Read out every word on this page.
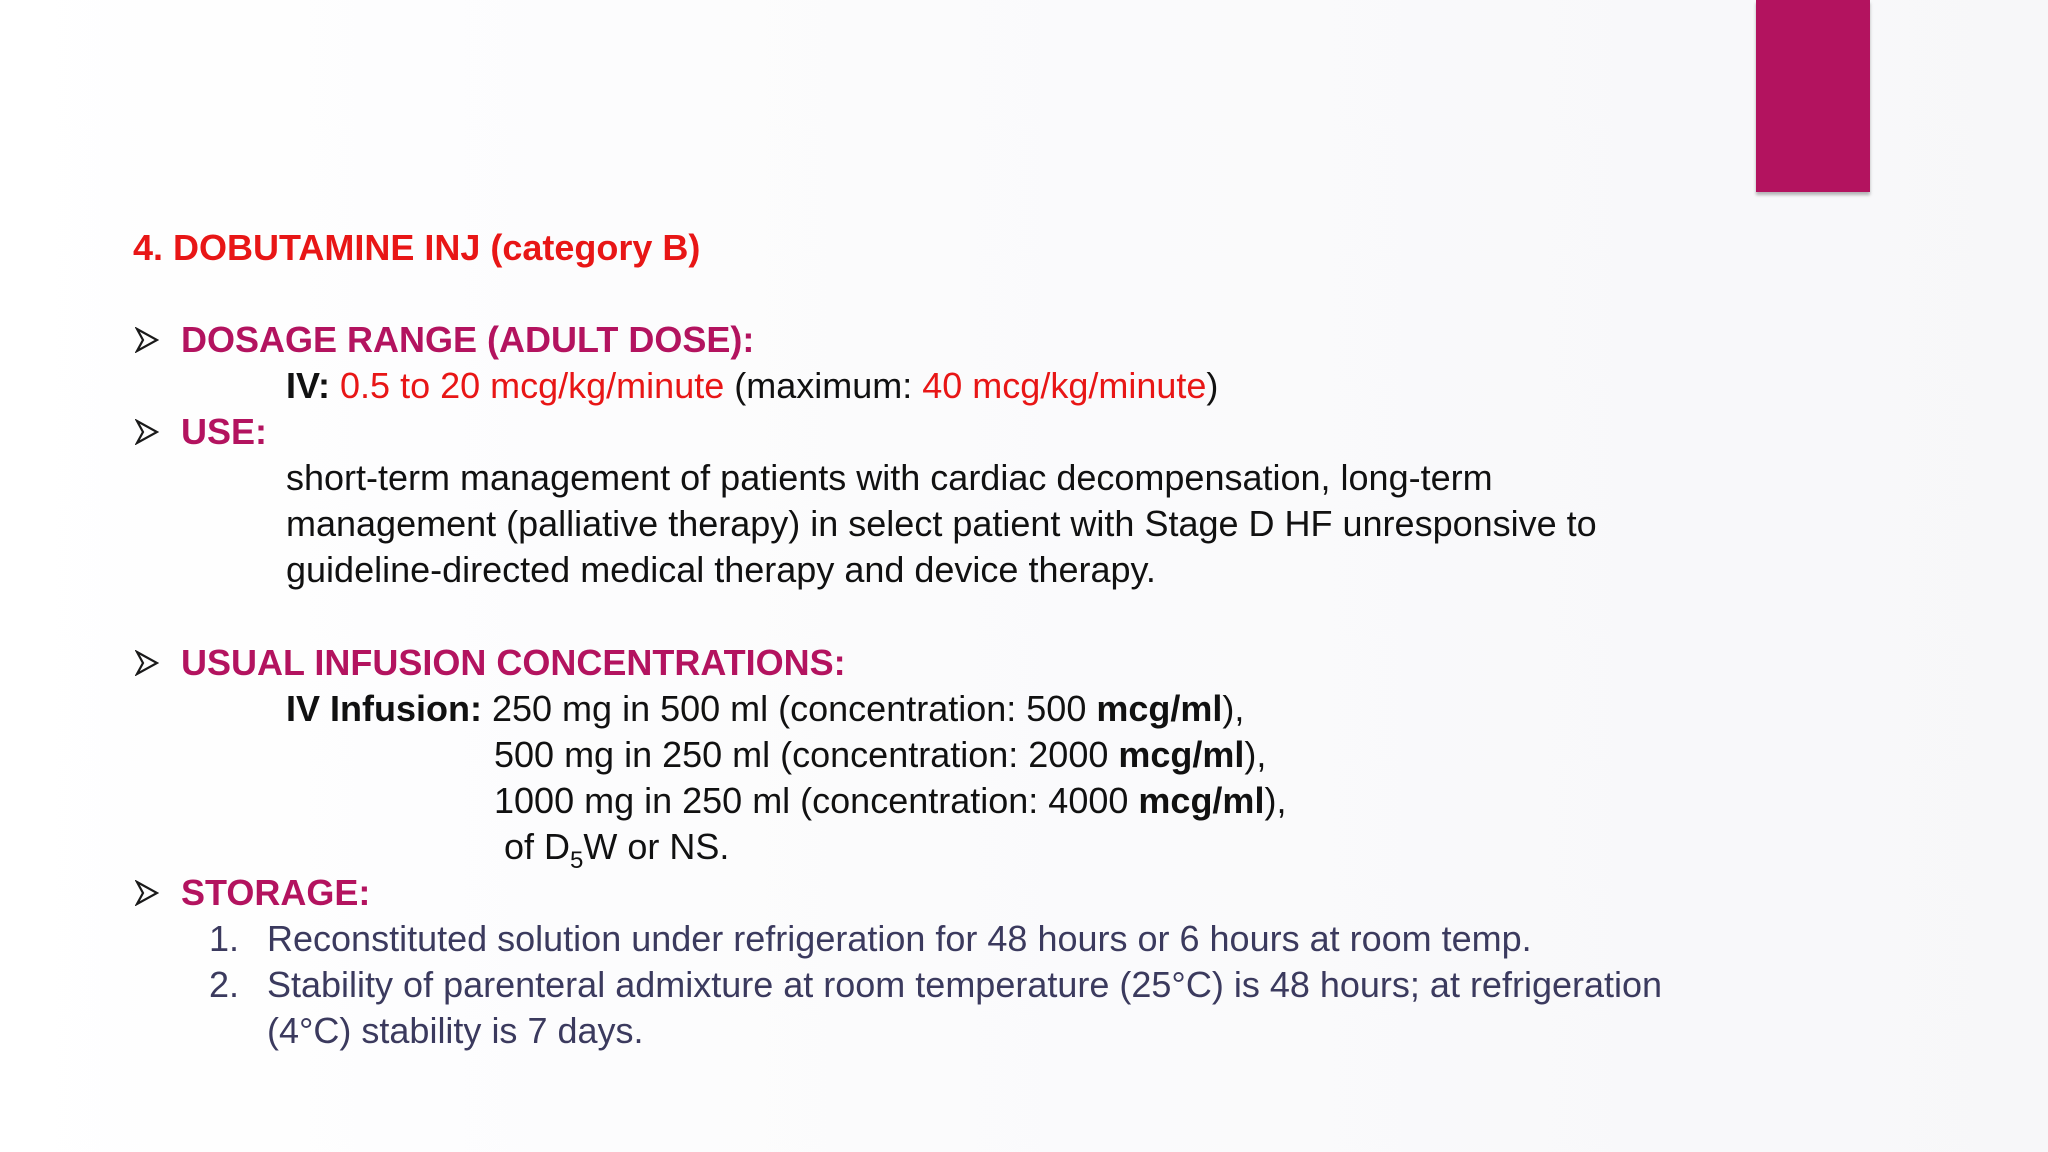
4. DOBUTAMINE INJ (category B)
DOSAGE RANGE (ADULT DOSE):
IV: 0.5 to 20 mcg/kg/minute (maximum: 40 mcg/kg/minute)
USE:
short-term management of patients with cardiac decompensation, long-term
management (palliative therapy) in select patient with Stage D HF unresponsive to
guideline-directed medical therapy and device therapy.
USUAL INFUSION CONCENTRATIONS:
IV Infusion: 250 mg in 500 ml (concentration: 500 mcg/ml),
500 mg in 250 ml (concentration: 2000 mcg/ml),
1000 mg in 250 ml (concentration: 4000 mcg/ml),
of $D_5W$ or NS.
STORAGE:
1. Reconstituted solution under refrigeration for 48 hours or 6 hours at room temp.
2. Stability of parenteral admixture at room temperature (25°C) is 48 hours; at refrigeration
(4°C) stability is 7 days.
